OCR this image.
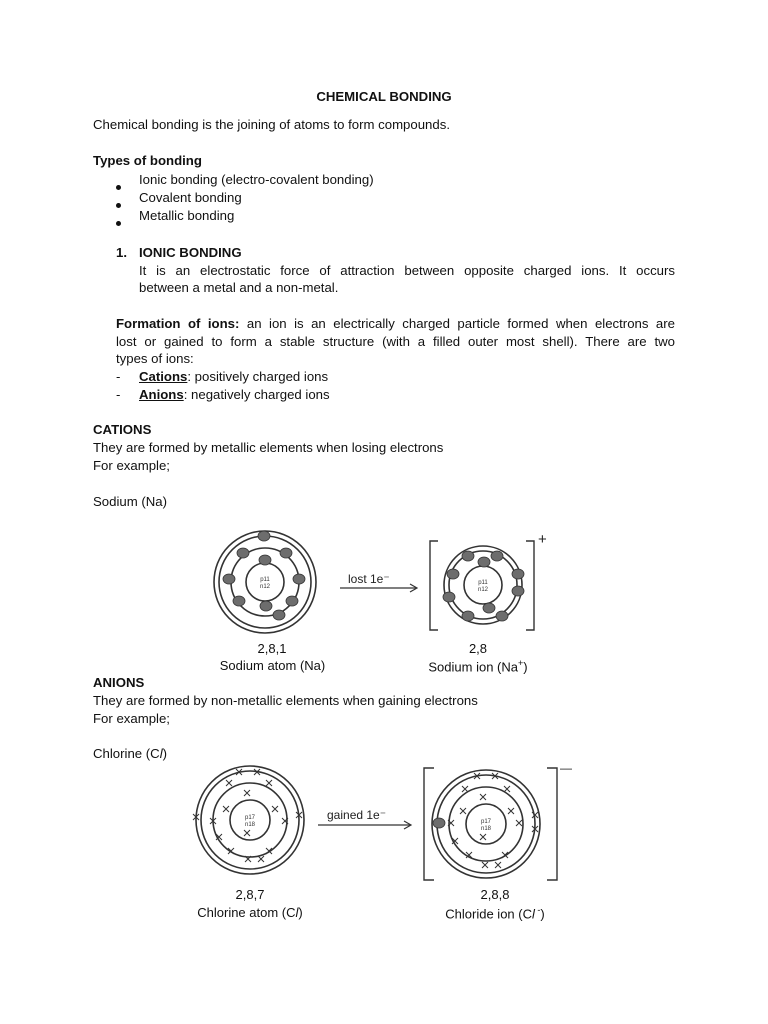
CHEMICAL BONDING
Chemical bonding is the joining of atoms to form compounds.
Types of bonding
Ionic bonding (electro-covalent bonding)
Covalent bonding
Metallic bonding
1. IONIC BONDING
It is an electrostatic force of attraction between opposite charged ions. It occurs
between a metal and a non-metal.
Formation of ions: an ion is an electrically charged particle formed when electrons are
lost or gained to form a stable structure (with a filled outer most shell). There are two
types of ions:
- Cations: positively charged ions
- Anions: negatively charged ions
CATIONS
They are formed by metallic elements when losing electrons
For example;
Sodium (Na)
p11
n12
lost 1e⁻
+
p11
n12
2,8,1
Sodium atom (Na)
2,8
Sodium ion (Na+)
ANIONS
They are formed by non-metallic elements when gaining electrons
For example;
Chlorine (Cl)
p17
n18
gained 1e⁻
—
p17
n18
2,8,7
Chlorine atom (Cl)
2,8,8
Chloride ion (Cl -)
